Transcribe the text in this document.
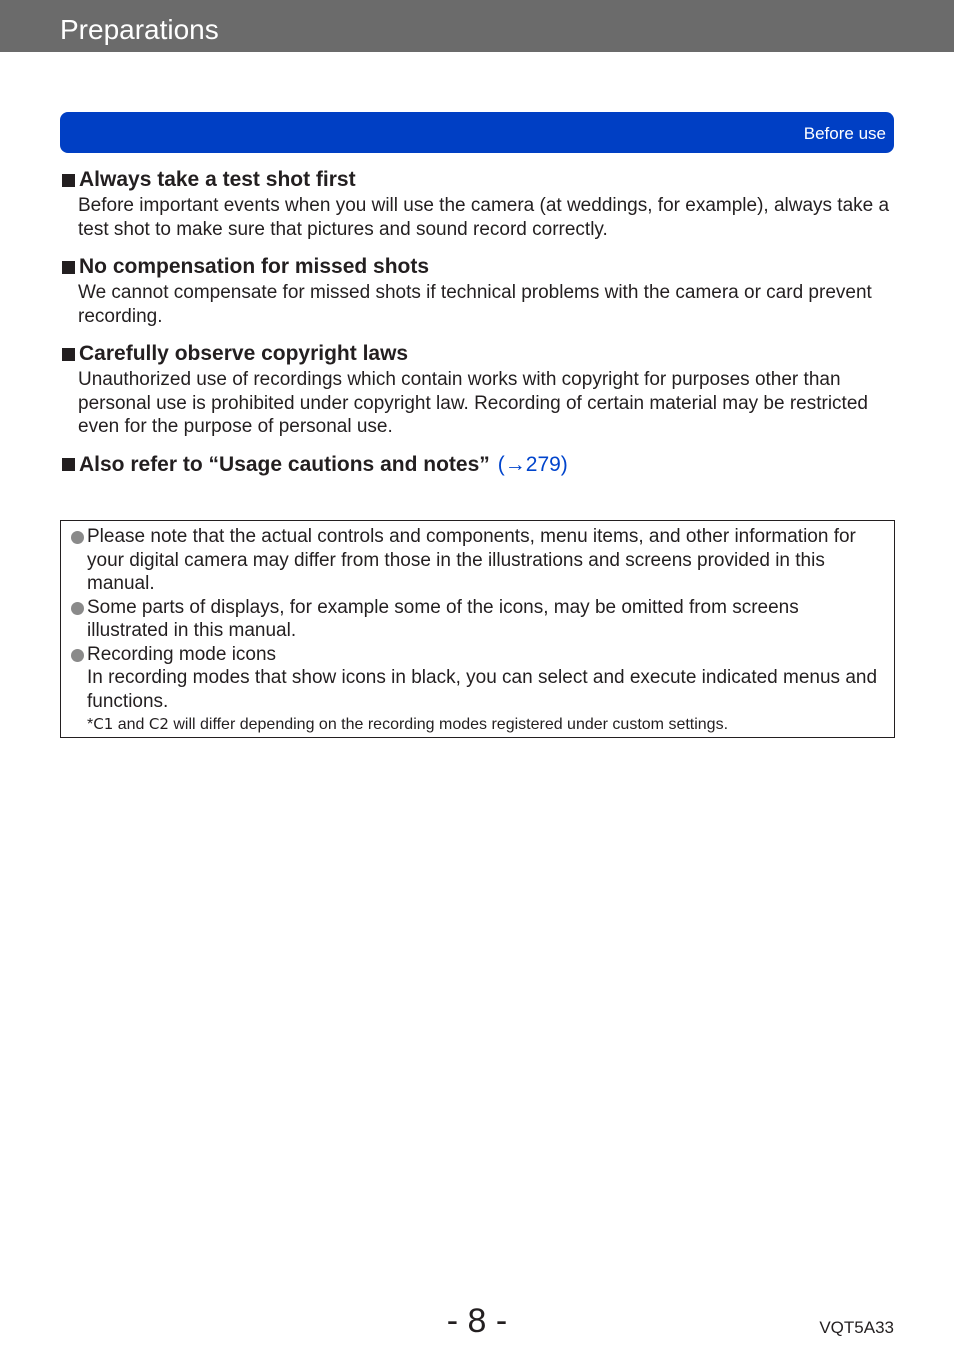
Preparations
Before use
Always take a test shot first
Before important events when you will use the camera (at weddings, for example), always take a test shot to make sure that pictures and sound record correctly.
No compensation for missed shots
We cannot compensate for missed shots if technical problems with the camera or card prevent recording.
Carefully observe copyright laws
Unauthorized use of recordings which contain works with copyright for purposes other than personal use is prohibited under copyright law. Recording of certain material may be restricted even for the purpose of personal use.
Also refer to “Usage cautions and notes” (→279)
Please note that the actual controls and components, menu items, and other information for your digital camera may differ from those in the illustrations and screens provided in this manual.
Some parts of displays, for example some of the icons, may be omitted from screens illustrated in this manual.
Recording mode icons
In recording modes that show icons in black, you can select and execute indicated menus and functions.
*C1 and C2 will differ depending on the recording modes registered under custom settings.
- 8 -	VQT5A33
